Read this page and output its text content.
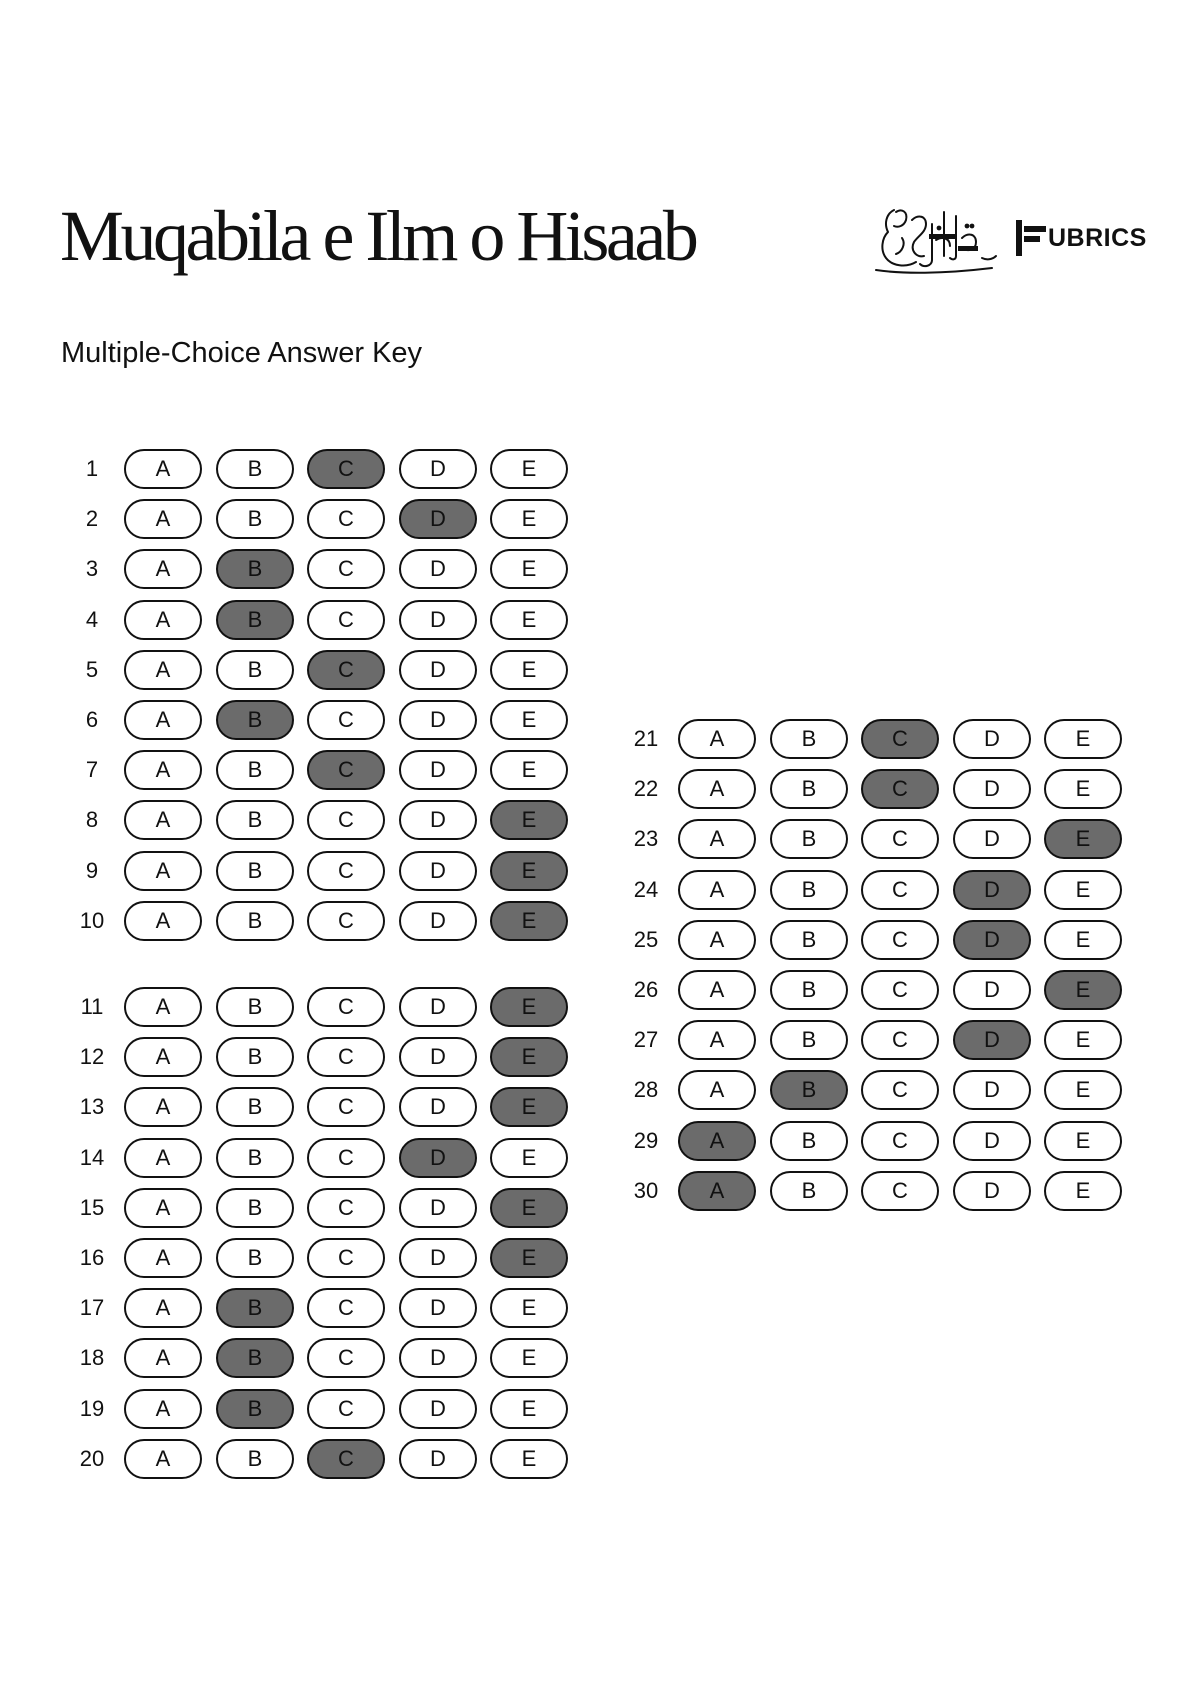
Muqabila e Ilm o Hisaab	UBRICS
Multiple-Choice Answer Key
1	A	B	C	D	E
2	A	B	C	D	E
3	A	B	C	D	E
4	A	B	C	D	E
5	A	B	C	D	E
6	A	B	C	D	E
7	A	B	C	D	E
8	A	B	C	D	E
9	A	B	C	D	E
10	A	B	C	D	E
11	A	B	C	D	E
12	A	B	C	D	E
13	A	B	C	D	E
14	A	B	C	D	E
15	A	B	C	D	E
16	A	B	C	D	E
17	A	B	C	D	E
18	A	B	C	D	E
19	A	B	C	D	E
20	A	B	C	D	E
21	A	B	C	D	E
22	A	B	C	D	E
23	A	B	C	D	E
24	A	B	C	D	E
25	A	B	C	D	E
26	A	B	C	D	E
27	A	B	C	D	E
28	A	B	C	D	E
29	A	B	C	D	E
30	A	B	C	D	E
